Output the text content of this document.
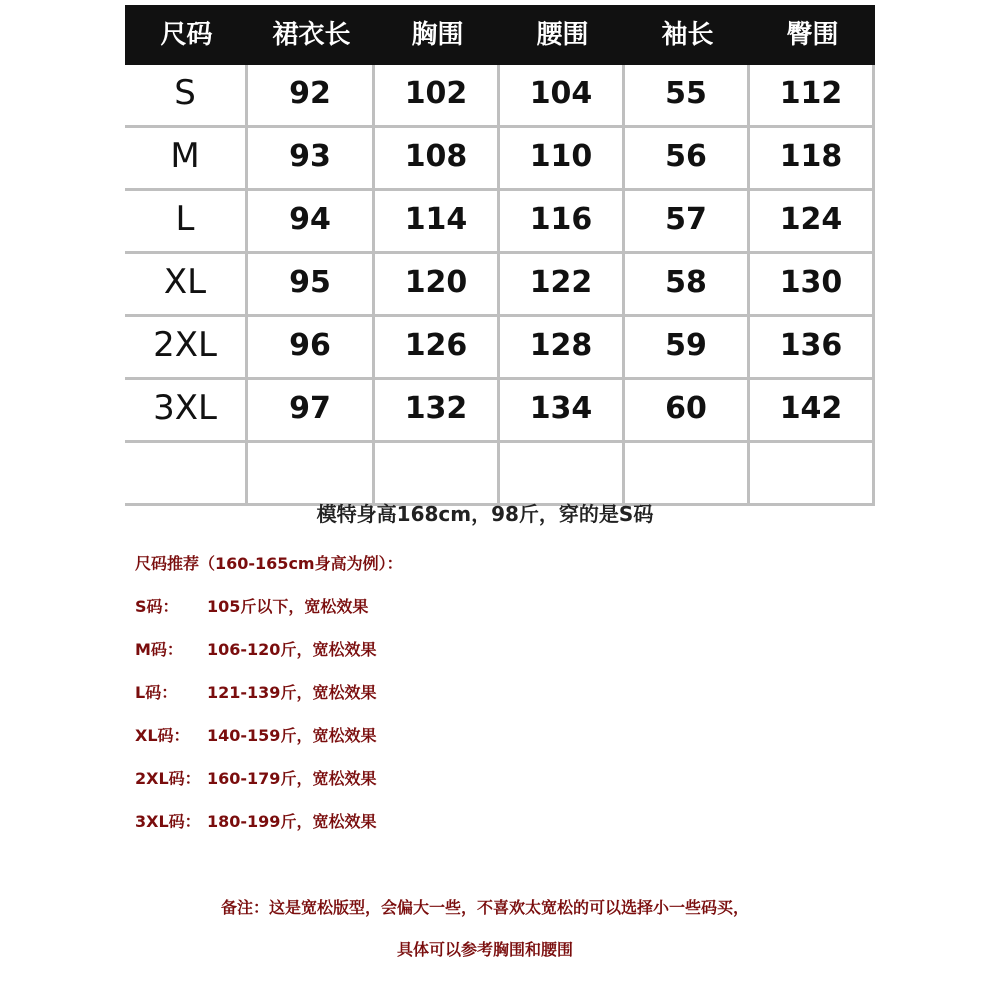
尺码	裙衣长	胸围	腰围	袖长	臀围
S	92	102	104	55	112
M	93	108	110	56	118
L	94	114	116	57	124
XL	95	120	122	58	130
2XL	96	126	128	59	136
3XL	97	132	134	60	142
模特身高168cm，98斤，穿的是S码
尺码推荐（160-165cm身高为例）：
S码： 105斤以下，宽松效果
M码： 106-120斤，宽松效果
L码： 121-139斤，宽松效果
XL码： 140-159斤，宽松效果
2XL码： 160-179斤，宽松效果
3XL码： 180-199斤，宽松效果
备注：这是宽松版型，会偏大一些，不喜欢太宽松的可以选择小一些码买，
具体可以参考胸围和腰围
